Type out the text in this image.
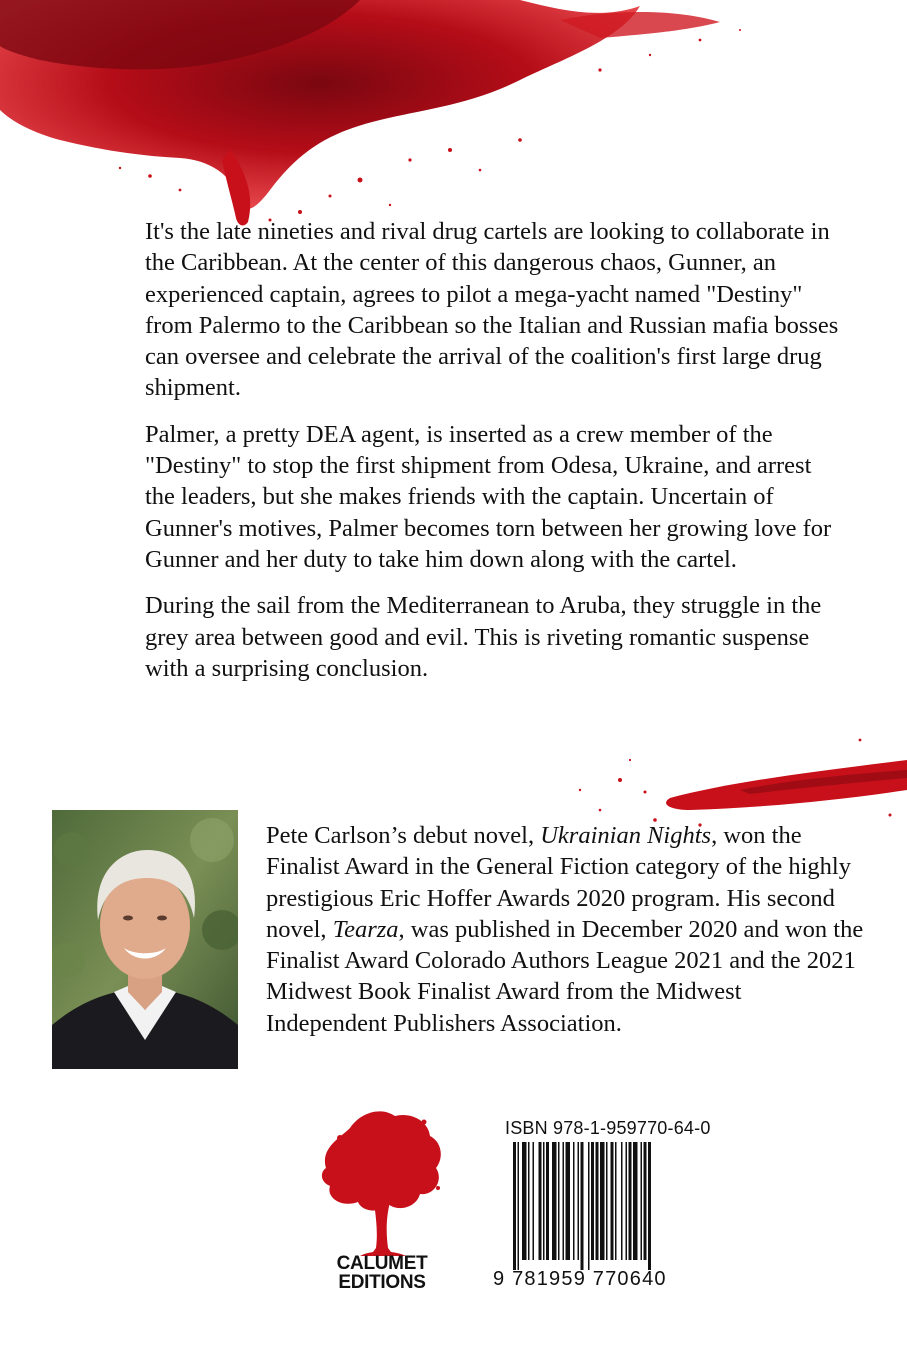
It's the late nineties and rival drug cartels are looking to collaborate in the Caribbean. At the center of this dangerous chaos, Gunner, an experienced captain, agrees to pilot a mega-yacht named "Destiny" from Palermo to the Caribbean so the Italian and Russian mafia bosses can oversee and celebrate the arrival of the coalition's first large drug shipment.

Palmer, a pretty DEA agent, is inserted as a crew member of the "Destiny" to stop the first shipment from Odesa, Ukraine, and arrest the leaders, but she makes friends with the captain. Uncertain of Gunner's motives, Palmer becomes torn between her growing love for Gunner and her duty to take him down along with the cartel.

During the sail from the Mediterranean to Aruba, they struggle in the grey area between good and evil. This is riveting romantic suspense with a surprising conclusion.

Pete Carlson’s debut novel, Ukrainian Nights, won the Finalist Award in the General Fiction category of the highly prestigious Eric Hoffer Awards 2020 program. His second novel, Tearza, was published in December 2020 and won the Finalist Award Colorado Authors League 2021 and the 2021 Midwest Book Finalist Award from the Midwest Independent Publishers Association.
CALUMET
EDITIONS
ISBN 978-1-959770-64-0
9 781959 770640
